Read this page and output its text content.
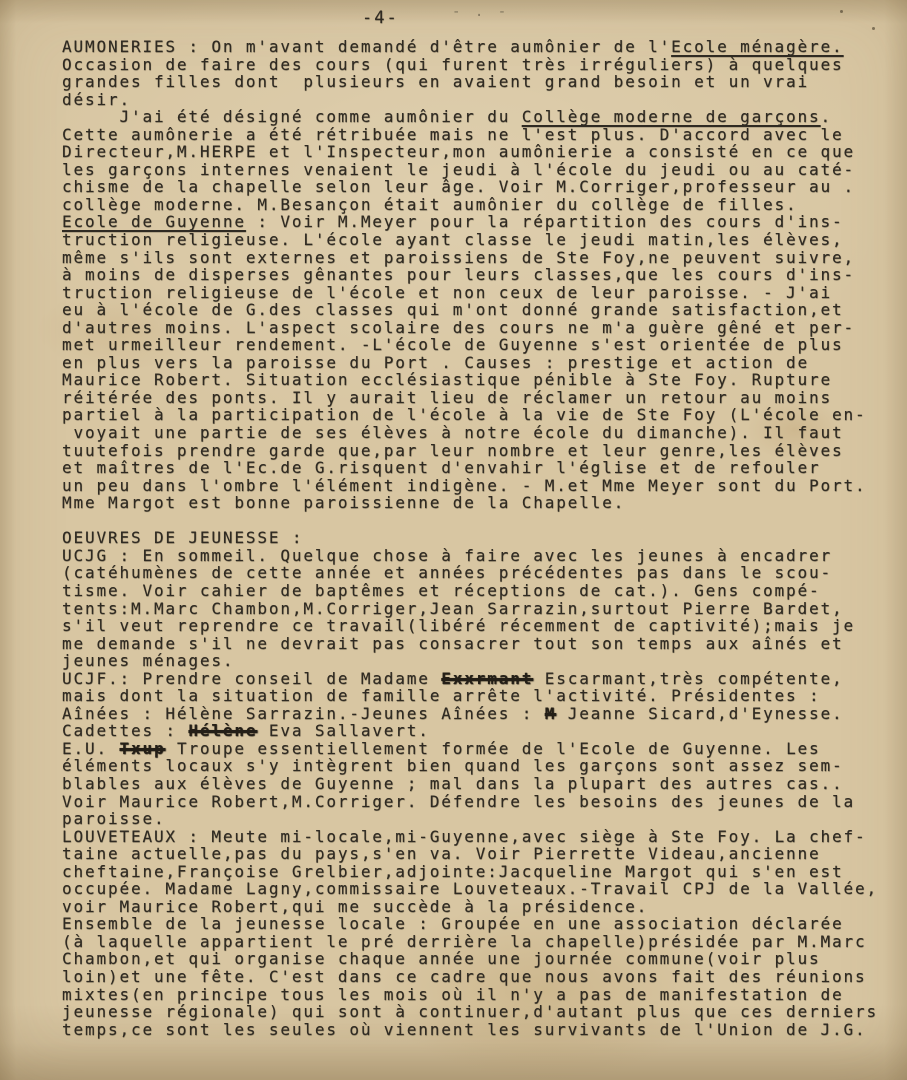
-4-	- . -
AUMONERIES : On m'avant demandé d'être aumônier de l'Ecole ménagère.
Occasion de faire des cours (qui furent très irréguliers) à quelques
grandes filles dont  plusieurs en avaient grand besoin et un vrai
désir.
J'ai été désigné comme aumônier du Collège moderne de garçons.
Cette aumônerie a été rétribuée mais ne l'est plus. D'accord avec le
Directeur,M.HERPE et l'Inspecteur,mon aumônierie a consisté en ce que
les garçons internes venaient le jeudi à l'école du jeudi ou au caté-
chisme de la chapelle selon leur âge. Voir M.Corriger,professeur au .
collège moderne. M.Besançon était aumônier du collège de filles.
Ecole de Guyenne : Voir M.Meyer pour la répartition des cours d'ins-
truction religieuse. L'école ayant classe le jeudi matin,les élèves,
même s'ils sont externes et paroissiens de Ste Foy,ne peuvent suivre,
à moins de disperses gênantes pour leurs classes,que les cours d'ins-
truction religieuse de l'école et non ceux de leur paroisse. - J'ai
eu à l'école de G.des classes qui m'ont donné grande satisfaction,et
d'autres moins. L'aspect scolaire des cours ne m'a guère gêné et per-
met urmeilleur rendement. -L'école de Guyenne s'est orientée de plus
en plus vers la paroisse du Port . Causes : prestige et action de
Maurice Robert. Situation ecclésiastique pénible à Ste Foy. Rupture
réitérée des ponts. Il y aurait lieu de réclamer un retour au moins
partiel à la participation de l'école à la vie de Ste Foy (L'école en-
voyait une partie de ses élèves à notre école du dimanche). Il faut
tuutefois prendre garde que,par leur nombre et leur genre,les élèves
et maîtres de l'Ec.de G.risquent d'envahir l'église et de refouler
un peu dans l'ombre l'élément indigène. - M.et Mme Meyer sont du Port.
Mme Margot est bonne paroissienne de la Chapelle.

OEUVRES DE JEUNESSE :
UCJG : En sommeil. Quelque chose à faire avec les jeunes à encadrer
(catéhumènes de cette année et années précédentes pas dans le scou-
tisme. Voir cahier de baptêmes et réceptions de cat.). Gens compé-
tents:M.Marc Chambon,M.Corriger,Jean Sarrazin,surtout Pierre Bardet,
s'il veut reprendre ce travail(libéré récemment de captivité);mais je
me demande s'il ne devrait pas consacrer tout son temps aux aînés et
jeunes ménages.
UCJF.: Prendre conseil de Madame Exxrmant Escarmant,très compétente,
mais dont la situation de famille arrête l'activité. Présidentes :
Aînées : Hélène Sarrazin.-Jeunes Aînées : M Jeanne Sicard,d'Eynesse.
Cadettes : Hélène Eva Sallavert.
E.U. Txup Troupe essentiellement formée de l'Ecole de Guyenne. Les
éléments locaux s'y intègrent bien quand les garçons sont assez sem-
blables aux élèves de Guyenne ; mal dans la plupart des autres cas..
Voir Maurice Robert,M.Corriger. Défendre les besoins des jeunes de la
paroisse.
LOUVETEAUX : Meute mi-locale,mi-Guyenne,avec siège à Ste Foy. La chef-
taine actuelle,pas du pays,s'en va. Voir Pierrette Videau,ancienne
cheftaine,Françoise Grelbier,adjointe:Jacqueline Margot qui s'en est
occupée. Madame Lagny,commissaire Louveteaux.-Travail CPJ de la Vallée,
voir Maurice Robert,qui me succède à la présidence.
Ensemble de la jeunesse locale : Groupée en une association déclarée
(à laquelle appartient le pré derrière la chapelle)présidée par M.Marc
Chambon,et qui organise chaque année une journée commune(voir plus
loin)et une fête. C'est dans ce cadre que nous avons fait des réunions
mixtes(en principe tous les mois où il n'y a pas de manifestation de
jeunesse régionale) qui sont à continuer,d'autant plus que ces derniers
temps,ce sont les seules où viennent les survivants de l'Union de J.G.
